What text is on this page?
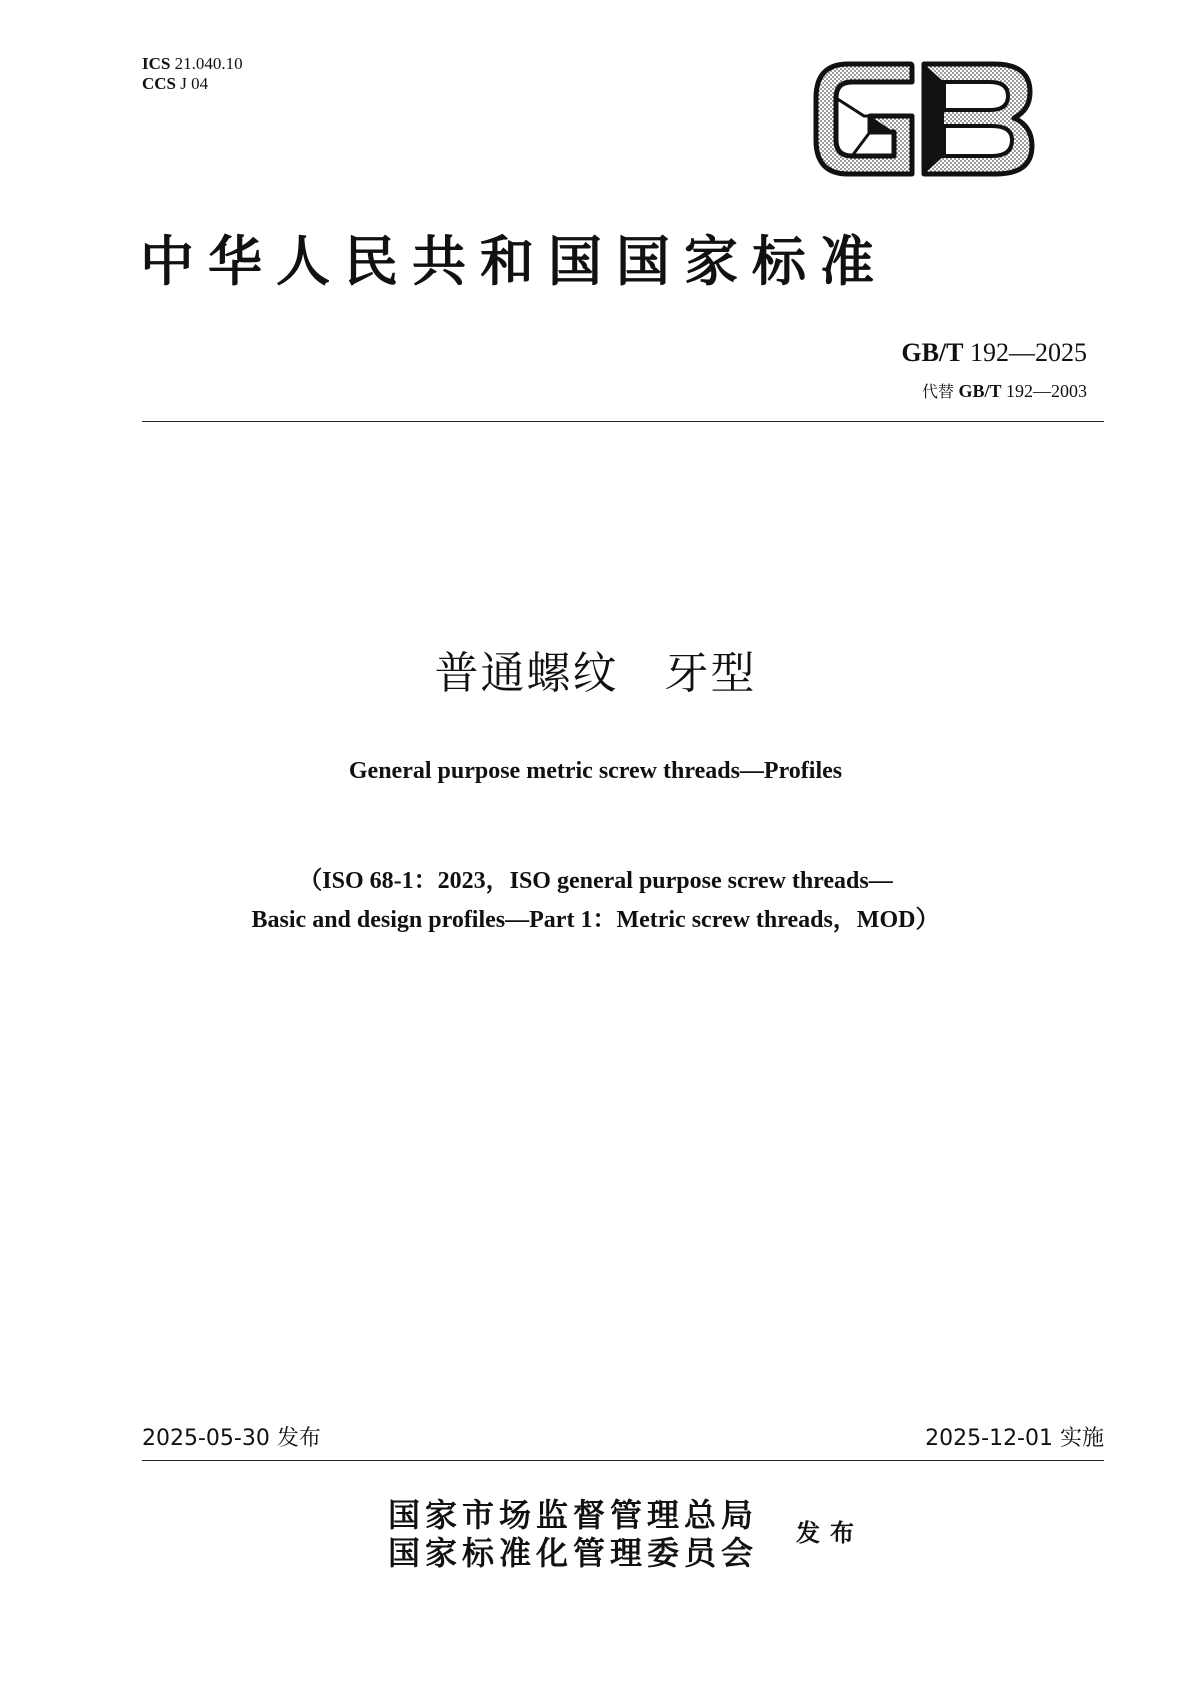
ICS 21.040.10
CCS J 04
中华人民共和国国家标准
GB/T 192—2025
代替 GB/T 192—2003
普通螺纹　牙型
General purpose metric screw threads—Profiles
（ISO 68-1：2023，ISO general purpose screw threads—
Basic and design profiles—Part 1：Metric screw threads，MOD）
2025-05-30 发布	2025-12-01 实施
国家市场监督管理总局
国家标准化管理委员会
发布
